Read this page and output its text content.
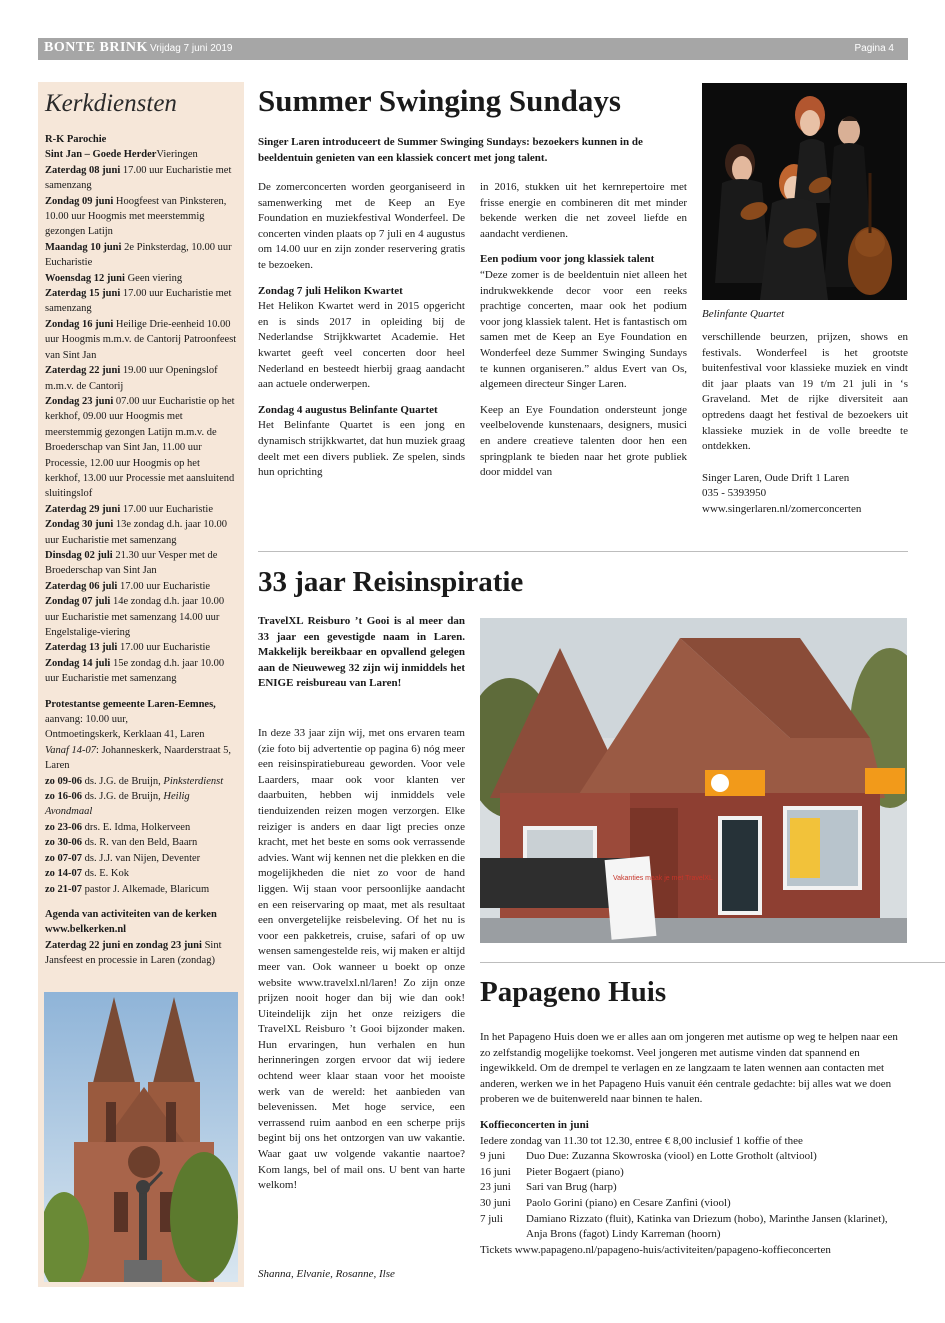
BONTE BRINK Vrijdag 7 juni 2019	Pagina 4
Kerkdiensten
R-K Parochie
Sint Jan – Goede HerderVieringen
Zaterdag 08 juni 17.00 uur Eucharistie met samenzang
Zondag 09 juni Hoogfeest van Pinksteren, 10.00 uur Hoogmis met meerstemmig gezongen Latijn
Maandag 10 juni 2e Pinksterdag, 10.00 uur Eucharistie
Woensdag 12 juni Geen viering
Zaterdag 15 juni 17.00 uur Eucharistie met samenzang
Zondag 16 juni Heilige Drie-eenheid 10.00 uur Hoogmis m.m.v. de Cantorij Patroonfeest van Sint Jan
Zaterdag 22 juni 19.00 uur Openingslof m.m.v. de Cantorij
Zondag 23 juni 07.00 uur Eucharistie op het kerkhof, 09.00 uur Hoogmis met meerstemmig gezongen Latijn m.m.v. de Broederschap van Sint Jan, 11.00 uur Processie, 12.00 uur Hoogmis op het kerkhof, 13.00 uur Processie met aansluitend sluitingslof
Zaterdag 29 juni 17.00 uur Eucharistie
Zondag 30 juni 13e zondag d.h. jaar 10.00 uur Eucharistie met samenzang
Dinsdag 02 juli 21.30 uur Vesper met de Broederschap van Sint Jan
Zaterdag 06 juli 17.00 uur Eucharistie
Zondag 07 juli 14e zondag d.h. jaar 10.00 uur Eucharistie met samenzang 14.00 uur Engelstalige-viering
Zaterdag 13 juli 17.00 uur Eucharistie
Zondag 14 juli 15e zondag d.h. jaar 10.00 uur Eucharistie met samenzang
Protestantse gemeente Laren-Eemnes,
aanvang: 10.00 uur,
Ontmoetingskerk, Kerklaan 41, Laren
Vanaf 14-07: Johanneskerk, Naarderstraat 5, Laren
zo 09-06 ds. J.G. de Bruijn, Pinksterdienst
zo 16-06 ds. J.G. de Bruijn, Heilig Avondmaal
zo 23-06 drs. E. Idma, Holkerveen
zo 30-06 ds. R. van den Beld, Baarn
zo 07-07 ds. J.J. van Nijen, Deventer
zo 14-07 ds. E. Kok
zo 21-07 pastor J. Alkemade, Blaricum
Agenda van activiteiten van de kerken
www.belkerken.nl
Zaterdag 22 juni en zondag 23 juni Sint Jansfeest en processie in Laren (zondag)
Summer Swinging Sundays
Singer Laren introduceert de Summer Swinging Sundays: bezoekers kunnen in de beeldentuin genieten van een klassiek concert met jong talent.

De zomerconcerten worden georganiseerd in samenwerking met de Keep an Eye Foundation en muziekfestival Wonderfeel. De concerten vinden plaats op 7 juli en 4 augustus om 14.00 uur en zijn zonder reservering gratis te bezoeken.

Zondag 7 juli Helikon Kwartet
Het Helikon Kwartet werd in 2015 opgericht en is sinds 2017 in opleiding bij de Nederlandse Strijkkwartet Academie. Het kwartet geeft veel concerten door heel Nederland en besteedt hierbij graag aandacht aan actuele onderwerpen.

Zondag 4 augustus Belinfante Quartet
Het Belinfante Quartet is een jong en dynamisch strijkkwartet, dat hun muziek graag deelt met een divers publiek. Ze spelen, sinds hun oprichting

in 2016, stukken uit het kernrepertoire met frisse energie en combineren dit met minder bekende werken die net zoveel liefde en aandacht verdienen.

Een podium voor jong klassiek talent
“Deze zomer is de beeldentuin niet alleen het indrukwekkende decor voor een reeks prachtige concerten, maar ook het podium voor jong klassiek talent. Het is fantastisch om samen met de Keep an Eye Foundation en Wonderfeel deze Summer Swinging Sundays te kunnen organiseren.” aldus Evert van Os, algemeen directeur Singer Laren.

Keep an Eye Foundation ondersteunt jonge veelbelovende kunstenaars, designers, musici en andere creatieve talenten door hen een springplank te bieden naar het grote publiek door middel van

Belinfante Quartet

verschillende beurzen, prijzen, shows en festivals. Wonderfeel is het grootste buitenfestival voor klassieke muziek en vindt dit jaar plaats van 19 t/m 21 juli in ‘s Graveland. Met de rijke diversiteit aan optredens daagt het festival de bezoekers uit klassieke muziek in de volle breedte te ontdekken.

Singer Laren, Oude Drift 1 Laren
035 - 5393950
www.singerlaren.nl/zomerconcerten
33 jaar Reisinspiratie
TravelXL Reisburo ’t Gooi is al meer dan 33 jaar een gevestigde naam in Laren. Makkelijk bereikbaar en opvallend gelegen aan de Nieuweweg 32 zijn wij inmiddels het ENIGE reisbureau van Laren!
In deze 33 jaar zijn wij, met ons ervaren team (zie foto bij advertentie op pagina 6) nóg meer een reisinspiratiebureau geworden. Voor vele Laarders, maar ook voor klanten ver daarbuiten, hebben wij inmiddels vele tienduizenden reizen mogen verzorgen. Elke reiziger is anders en daar ligt precies onze kracht, met het beste en soms ook verrassende advies. Want wij kennen net die plekken en die mogelijkheden die niet zo voor de hand liggen. Wij staan voor persoonlijke aandacht en een reiservaring op maat, met als resultaat een onvergetelijke reisbeleving. Of het nu is voor een pakketreis, cruise, safari of op uw wensen samengestelde reis, wij maken er altijd meer van. Ook wanneer u boekt op onze website www.travelxl.nl/laren! Zo zijn onze prijzen nooit hoger dan bij wie dan ook! Uiteindelijk zijn het onze reizigers die TravelXL Reisburo ’t Gooi bijzonder maken. Hun ervaringen, hun verhalen en hun herinneringen zorgen ervoor dat wij iedere ochtend weer klaar staan voor het mooiste werk van de wereld: het aanbieden van belevenissen. Met hoge service, een verrassend ruim aanbod en een scherpe prijs begint bij ons het ontzorgen van uw vakantie. Waar gaat uw volgende vakantie naartoe? Kom langs, bel of mail ons. U bent van harte welkom!
Shanna, Elvanie, Rosanne, Ilse
Vakanties maak je met TravelXL
Papageno Huis

In het Papageno Huis doen we er alles aan om jongeren met autisme op weg te helpen naar een zo zelfstandig mogelijke toekomst. Veel jongeren met autisme vinden dat spannend en ingewikkeld. Om de drempel te verlagen en ze langzaam te laten wennen aan contacten met anderen, werken we in het Papageno Huis vanuit één centrale gedachte: bij alles wat we doen proberen we de buitenwereld naar binnen te halen.

Koffieconcerten in juni
Iedere zondag van 11.30 tot 12.30, entree € 8,00 inclusief 1 koffie of thee
9 juni	Duo Due: Zuzanna Skowroska (viool) en Lotte Grotholt (altviool)
16 juni	Pieter Bogaert (piano)
23 juni	Sari van Brug (harp)
30 juni	Paolo Gorini (piano) en Cesare Zanfini (viool)
7 juli	Damiano Rizzato (fluit), Katinka van Driezum (hobo), Marinthe Jansen (klarinet), Anja Brons (fagot) Lindy Karreman (hoorn)
Tickets www.papageno.nl/papageno-huis/activiteiten/papageno-koffieconcerten
